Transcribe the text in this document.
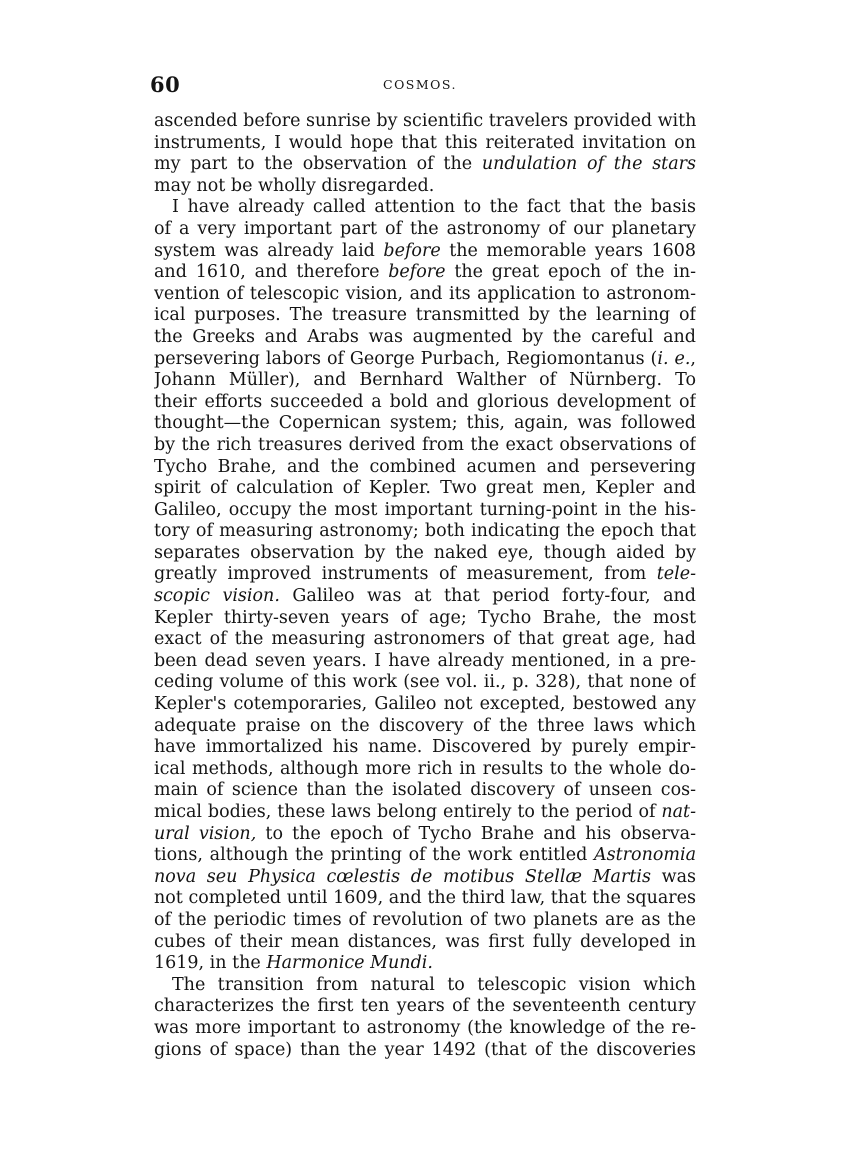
60	COSMOS.
ascended before sunrise by scientific travelers provided with
instruments, I would hope that this reiterated invitation on
my part to the observation of the undulation of the stars
may not be wholly disregarded.
I have already called attention to the fact that the basis
of a very important part of the astronomy of our planetary
system was already laid before the memorable years 1608
and 1610, and therefore before the great epoch of the in-
vention of telescopic vision, and its application to astronom-
ical purposes. The treasure transmitted by the learning of
the Greeks and Arabs was augmented by the careful and
persevering labors of George Purbach, Regiomontanus (i. e.,
Johann Müller), and Bernhard Walther of Nürnberg. To
their efforts succeeded a bold and glorious development of
thought—the Copernican system; this, again, was followed
by the rich treasures derived from the exact observations of
Tycho Brahe, and the combined acumen and persevering
spirit of calculation of Kepler. Two great men, Kepler and
Galileo, occupy the most important turning-point in the his-
tory of measuring astronomy; both indicating the epoch that
separates observation by the naked eye, though aided by
greatly improved instruments of measurement, from tele-
scopic vision. Galileo was at that period forty-four, and
Kepler thirty-seven years of age; Tycho Brahe, the most
exact of the measuring astronomers of that great age, had
been dead seven years. I have already mentioned, in a pre-
ceding volume of this work (see vol. ii., p. 328), that none of
Kepler's cotemporaries, Galileo not excepted, bestowed any
adequate praise on the discovery of the three laws which
have immortalized his name. Discovered by purely empir-
ical methods, although more rich in results to the whole do-
main of science than the isolated discovery of unseen cos-
mical bodies, these laws belong entirely to the period of nat-
ural vision, to the epoch of Tycho Brahe and his observa-
tions, although the printing of the work entitled Astronomia
nova seu Physica cœlestis de motibus Stellæ Martis was
not completed until 1609, and the third law, that the squares
of the periodic times of revolution of two planets are as the
cubes of their mean distances, was first fully developed in
1619, in the Harmonice Mundi.
The transition from natural to telescopic vision which
characterizes the first ten years of the seventeenth century
was more important to astronomy (the knowledge of the re-
gions of space) than the year 1492 (that of the discoveries
